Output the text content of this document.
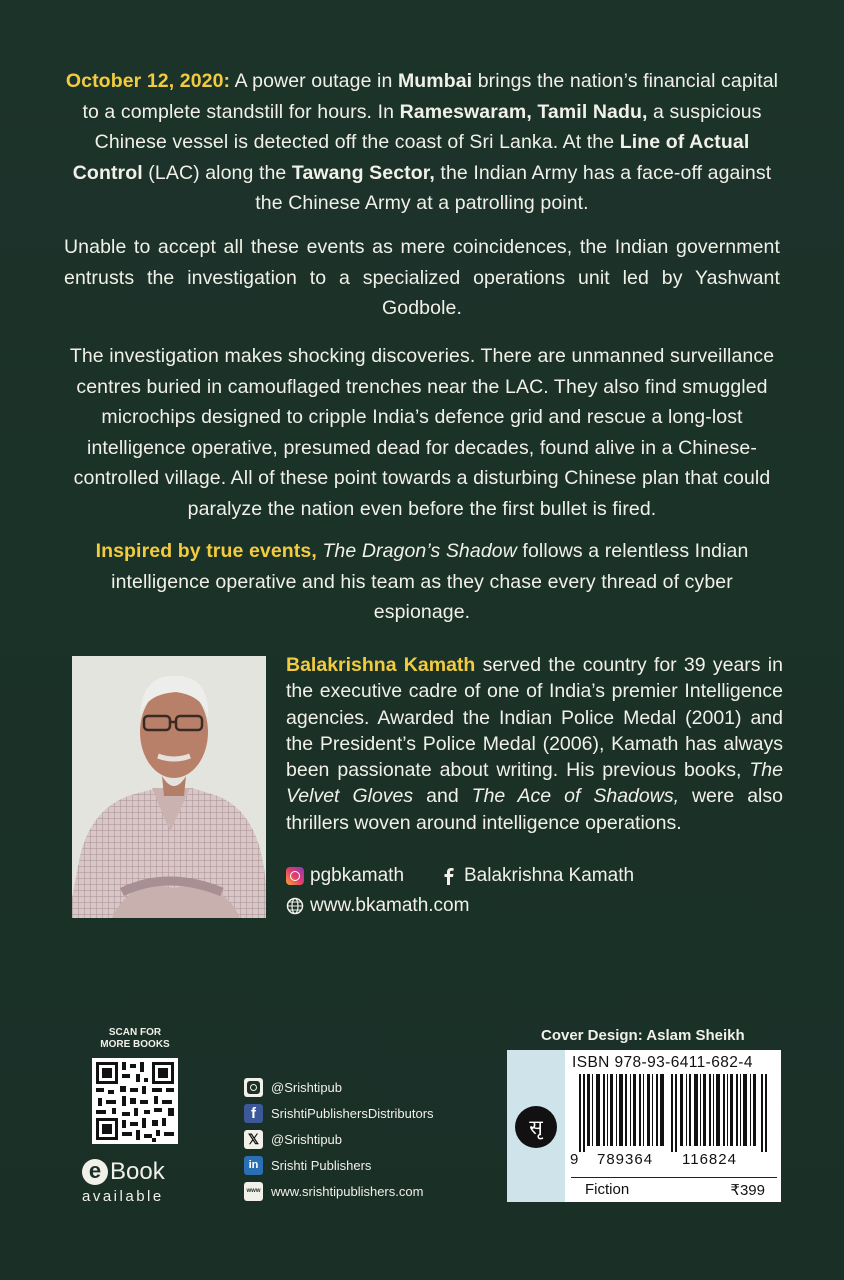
October 12, 2020: A power outage in Mumbai brings the nation’s financial capital to a complete standstill for hours. In Rameswaram, Tamil Nadu, a suspicious Chinese vessel is detected off the coast of Sri Lanka. At the Line of Actual Control (LAC) along the Tawang Sector, the Indian Army has a face-off against the Chinese Army at a patrolling point.

Unable to accept all these events as mere coincidences, the Indian government entrusts the investigation to a specialized operations unit led by Yashwant Godbole.

The investigation makes shocking discoveries. There are unmanned surveillance centres buried in camouflaged trenches near the LAC. They also find smuggled microchips designed to cripple India’s defence grid and rescue a long-lost intelligence operative, presumed dead for decades, found alive in a Chinese-controlled village. All of these point towards a disturbing Chinese plan that could paralyze the nation even before the first bullet is fired.

Inspired by true events, The Dragon’s Shadow follows a relentless Indian intelligence operative and his team as they chase every thread of cyber espionage.

Balakrishna Kamath served the country for 39 years in the executive cadre of one of India’s premier Intelligence agencies. Awarded the Indian Police Medal (2001) and the President’s Police Medal (2006), Kamath has always been passionate about writing. His previous books, The Velvet Gloves and The Ace of Shadows, were also thrillers woven around intelligence operations.

pgbkamath	Balakrishna Kamath
www.bkamath.com
SCAN FOR
MORE BOOKS
e Book
available
@Srishtipub
f	SrishtiPublishersDistributors
𝕏 @Srishtipub
in Srishti Publishers
www www.srishtipublishers.com
Cover Design: Aslam Sheikh
सृ
ISBN 978-93-6411-682-4
9 789364 116824
Fiction	₹399
